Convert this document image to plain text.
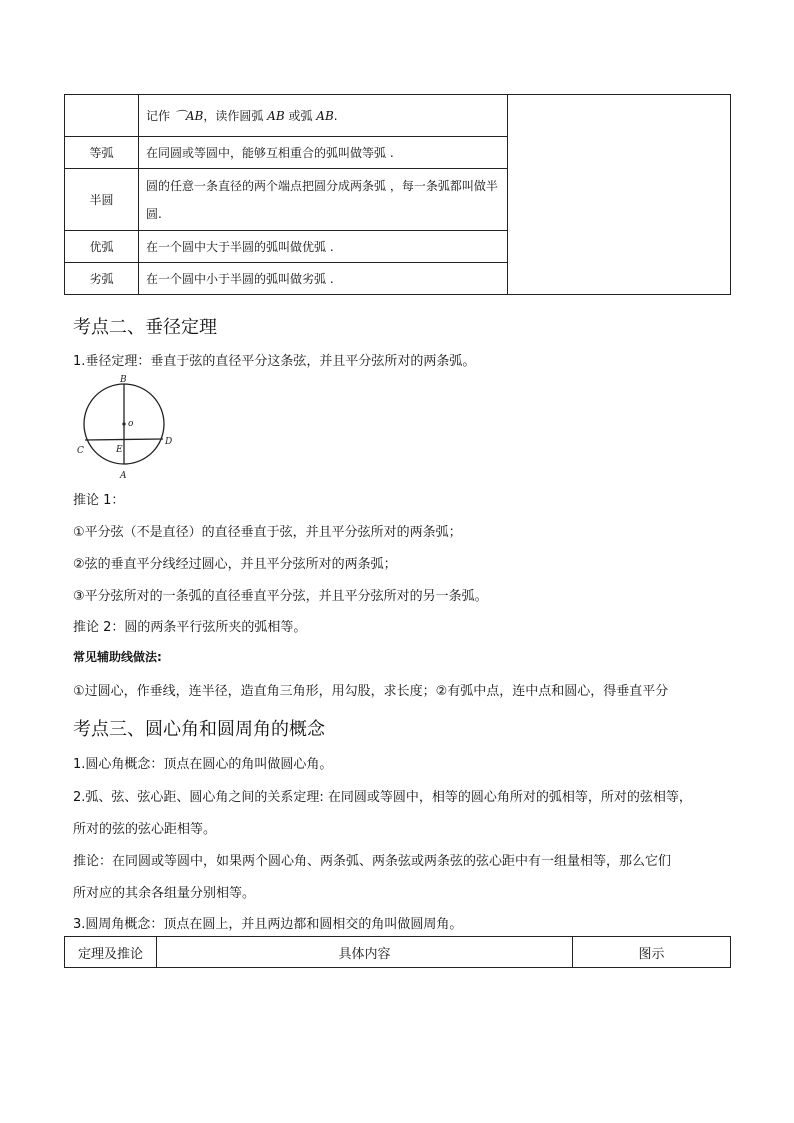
	记作 ⌒AB，读作圆弧 AB 或弧 AB.	
等弧	在同圆或等圆中，能够互相重合的弧叫做等弧 .	
半圆	圆的任意一条直径的两个端点把圆分成两条弧 ，每一条弧都叫做半圆.	
优弧	在一个圆中大于半圆的弧叫做优弧 .	
劣弧	在一个圆中小于半圆的弧叫做劣弧 .	
考点二、垂径定理
1.垂径定理：垂直于弦的直径平分这条弦，并且平分弦所对的两条弧。
B
o
C	E
D
A
推论 1：
①平分弦（不是直径）的直径垂直于弦，并且平分弦所对的两条弧；
②弦的垂直平分线经过圆心，并且平分弦所对的两条弧；
③平分弦所对的一条弧的直径垂直平分弦，并且平分弦所对的另一条弧。
推论 2：圆的两条平行弦所夹的弧相等。
常见辅助线做法:
①过圆心，作垂线，连半径，造直角三角形，用勾股，求长度；②有弧中点，连中点和圆心，得垂直平分
考点三、圆心角和圆周角的概念
1.圆心角概念：顶点在圆心的角叫做圆心角。
2.弧、弦、弦心距、圆心角之间的关系定理: 在同圆或等圆中，相等的圆心角所对的弧相等，所对的弦相等，
所对的弦的弦心距相等。
推论：在同圆或等圆中，如果两个圆心角、两条弧、两条弦或两条弦的弦心距中有一组量相等，那么它们
所对应的其余各组量分别相等。
3.圆周角概念：顶点在圆上，并且两边都和圆相交的角叫做圆周角。
定理及推论	具体内容	图示
